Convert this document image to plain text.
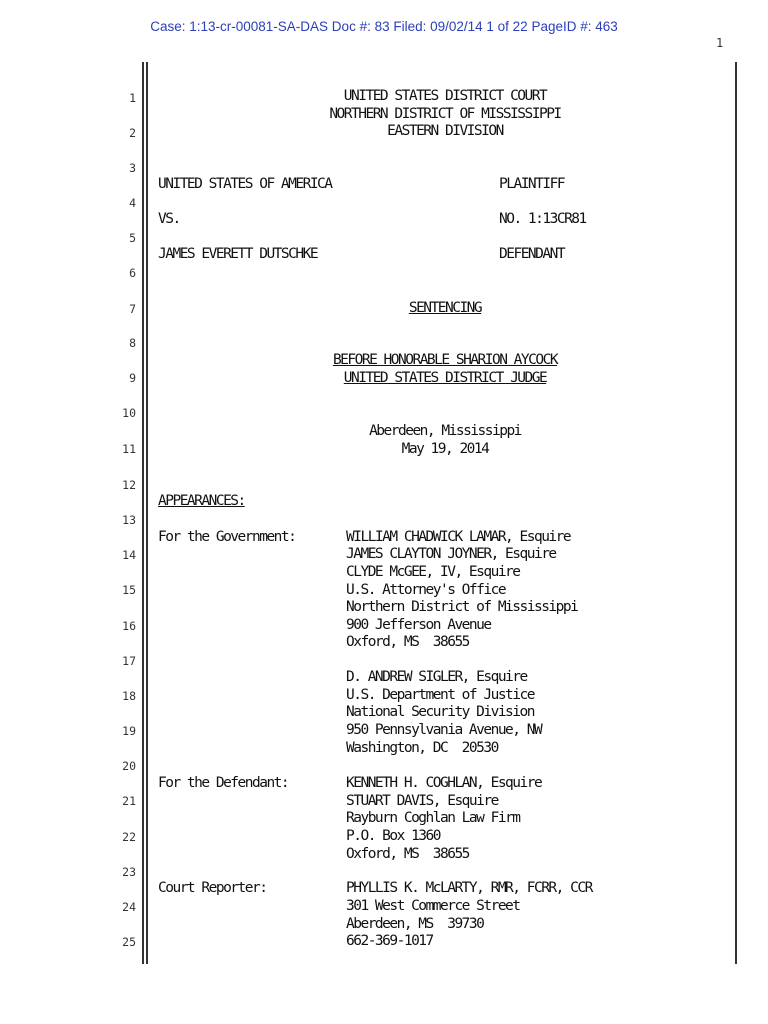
Case: 1:13-cr-00081-SA-DAS Doc #: 83 Filed: 09/02/14 1 of 22 PageID #: 463
1
1
2
3
4
5
6
7
8
9
10
11
12
13
14
15
16
17
18
19
20
21
22
23
24
25
UNITED STATES DISTRICT COURT
NORTHERN DISTRICT OF MISSISSIPPI
EASTERN DIVISION
UNITED STATES OF AMERICA	PLAINTIFF
VS.	NO. 1:13CR81
JAMES EVERETT DUTSCHKE	DEFENDANT
SENTENCING
BEFORE HONORABLE SHARION AYCOCK
UNITED STATES DISTRICT JUDGE
Aberdeen, Mississippi
May 19, 2014
APPEARANCES:
For the Government:	WILLIAM CHADWICK LAMAR, Esquire
JAMES CLAYTON JOYNER, Esquire
CLYDE McGEE, IV, Esquire
U.S. Attorney's Office
Northern District of Mississippi
900 Jefferson Avenue
Oxford, MS  38655
D. ANDREW SIGLER, Esquire
U.S. Department of Justice
National Security Division
950 Pennsylvania Avenue, NW
Washington, DC  20530
For the Defendant:	KENNETH H. COGHLAN, Esquire
STUART DAVIS, Esquire
Rayburn Coghlan Law Firm
P.O. Box 1360
Oxford, MS  38655
Court Reporter:	PHYLLIS K. McLARTY, RMR, FCRR, CCR
301 West Commerce Street
Aberdeen, MS  39730
662-369-1017
